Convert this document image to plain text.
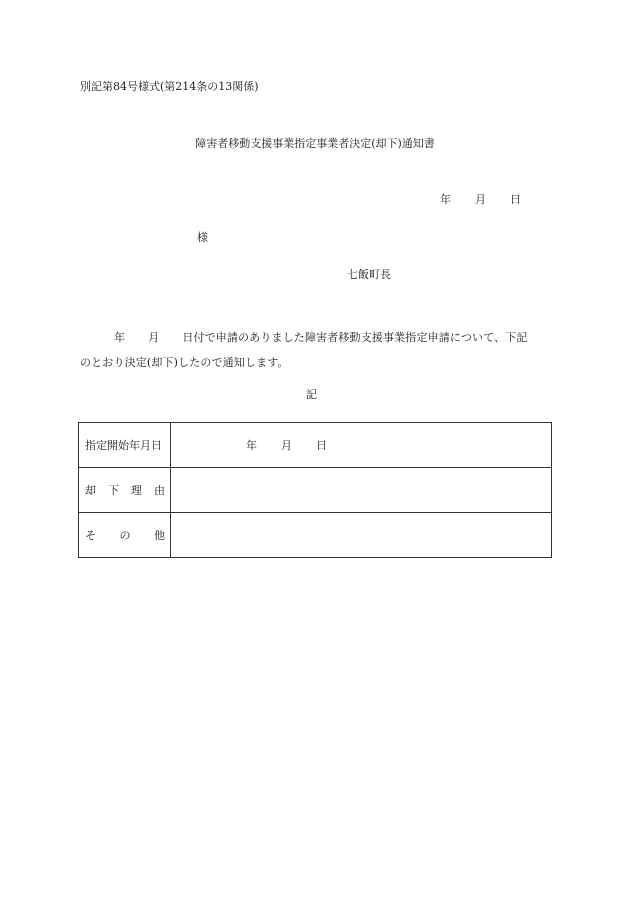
別記第84号様式(第214条の13関係)
障害者移動支援事業指定事業者決定(却下)通知書
年 月 日
様
七飯町長
年 月 日付で申請のありました障害者移動支援事業指定申請について、下記
のとおり決定(却下)したので通知します。
記
指定開始年月日	年 月 日

却 下 理 由	

そ の 他	
